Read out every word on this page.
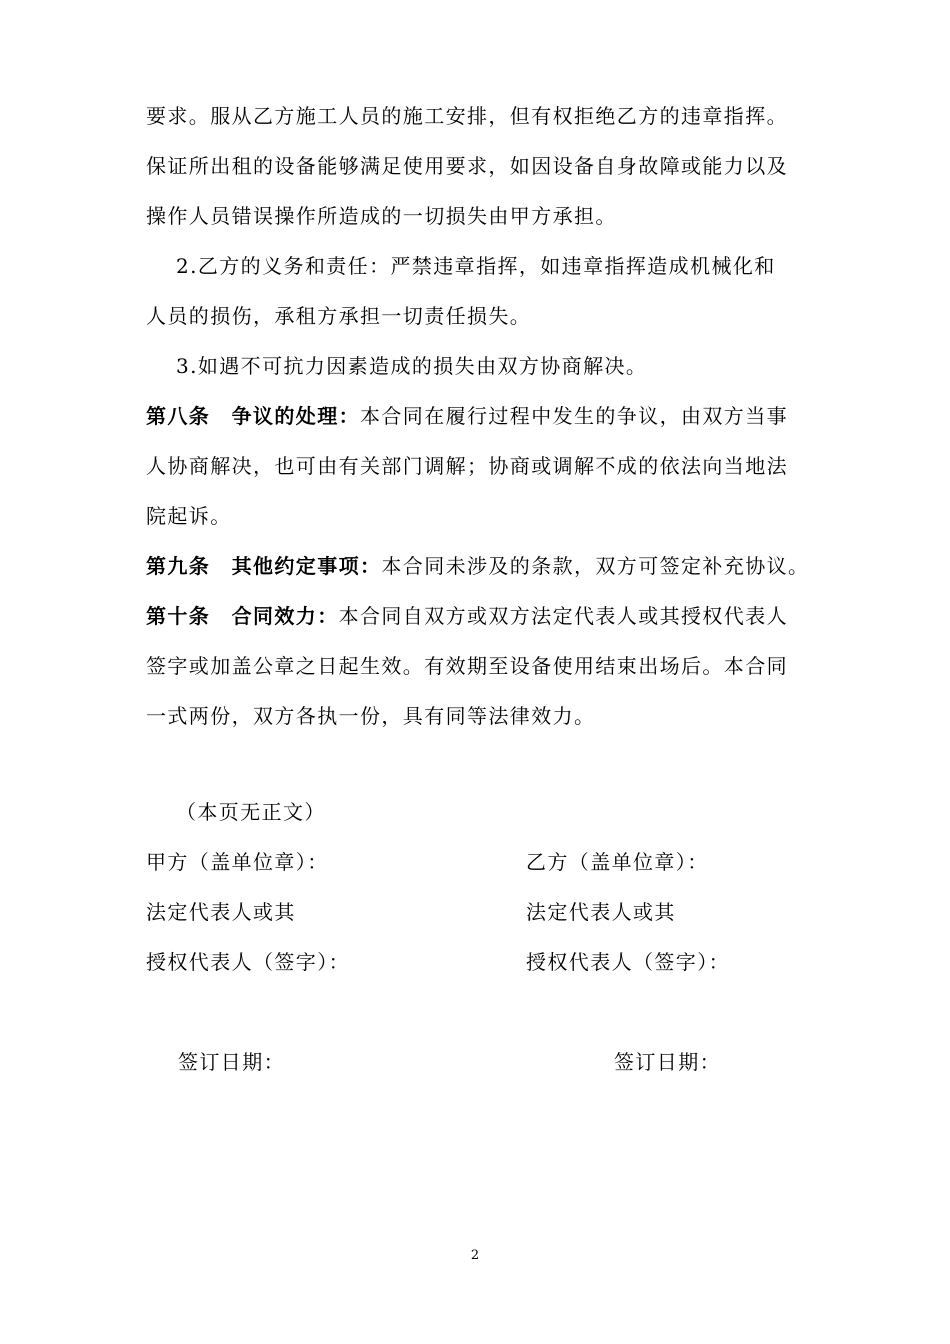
要求。服从乙方施工人员的施工安排，但有权拒绝乙方的违章指挥。
保证所出租的设备能够满足使用要求，如因设备自身故障或能力以及
操作人员错误操作所造成的一切损失由甲方承担。
2.乙方的义务和责任：严禁违章指挥，如违章指挥造成机械化和
人员的损伤，承租方承担一切责任损失。
3.如遇不可抗力因素造成的损失由双方协商解决。
第八条　争议的处理：本合同在履行过程中发生的争议，由双方当事
人协商解决，也可由有关部门调解；协商或调解不成的依法向当地法
院起诉。
第九条　其他约定事项：本合同未涉及的条款，双方可签定补充协议。
第十条　合同效力：本合同自双方或双方法定代表人或其授权代表人
签字或加盖公章之日起生效。有效期至设备使用结束出场后。本合同
一式两份，双方各执一份，具有同等法律效力。
（本页无正文）
甲方（盖单位章）：	乙方（盖单位章）：
法定代表人或其	法定代表人或其
授权代表人（签字）：	授权代表人（签字）：
签订日期：	签订日期：
2
